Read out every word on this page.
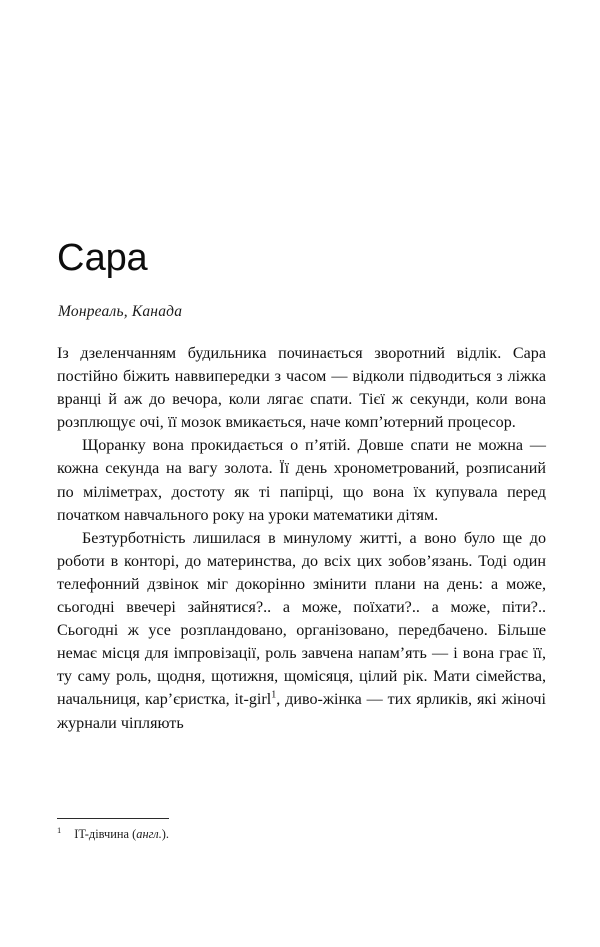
Сара
Монреаль, Канада

Із дзеленчанням будильника починається зворотний відлік. Сара постійно біжить наввипередки з часом — відколи підводиться з ліжка вранці й аж до вечора, коли лягає спати. Тієї ж секунди, коли вона розплющує очі, її мозок вмикається, наче комп’ютерний процесор.

Щоранку вона прокидається о п’ятій. Довше спати не можна — кожна секунда на вагу золота. Її день хронометрований, розписаний по міліметрах, достоту як ті папірці, що вона їх купувала перед початком навчального року на уроки математики дітям.

Безтурботність лишилася в минулому житті, а воно було ще до роботи в конторі, до материнства, до всіх цих зобов’язань. Тоді один телефонний дзвінок міг докорінно змінити плани на день: а може, сьогодні ввечері зайнятися?.. а може, поїхати?.. а може, піти?.. Сьогодні ж усе розпландовано, організовано, передбачено. Більше немає місця для імпровізації, роль завчена напам’ять — і вона грає її, ту саму роль, щодня, щотижня, щомісяця, цілий рік. Мати сімейства, начальниця, кар’єристка, it-girl$^1$, диво-жінка — тих ярликів, які жіночі журнали чіпляють

$^1$ IT-дівчина (англ.).
